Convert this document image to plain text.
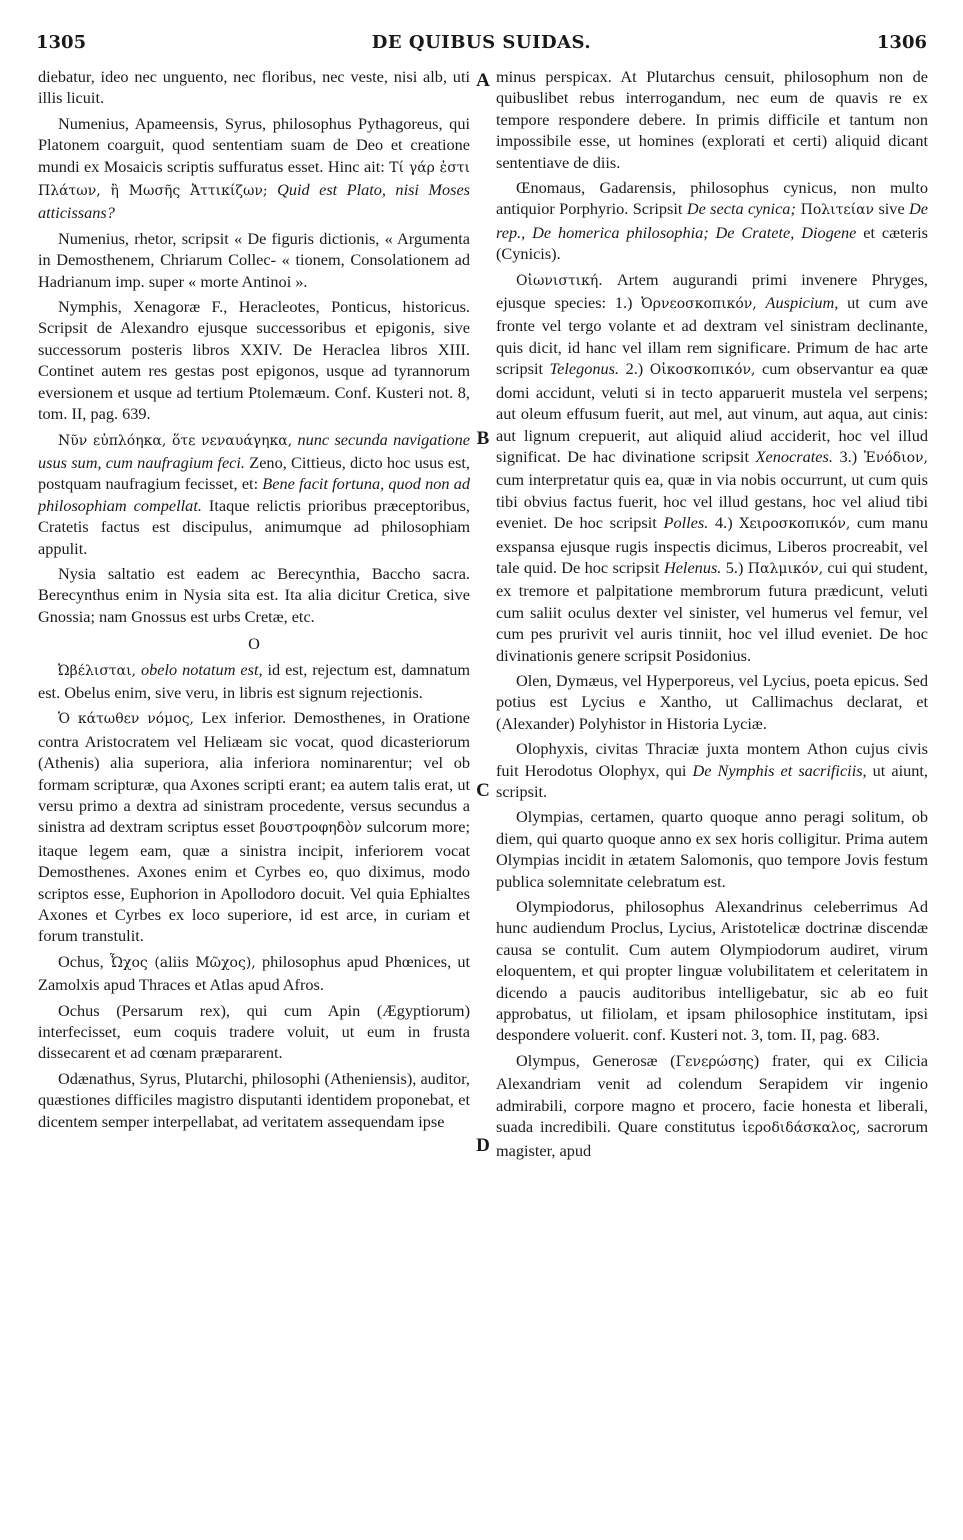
1305	DE QUIBUS SUIDAS.	1306
A
B
C
D

diebatur, ideo nec unguento, nec floribus, nec veste, nisi alb, uti illis licuit.

Numenius, Apameensis, Syrus, philosophus Pythagoreus, qui Platonem coarguit, quod sententiam suam de Deo et creatione mundi ex Mosaicis scriptis suffuratus esset. Hinc ait: Τί γάρ ἐστι Πλάτων, ἢ Μωσῆς Ἀττικίζων; Quid est Plato, nisi Moses atticissans?

Numenius, rhetor, scripsit « De figuris dictionis, « Argumenta in Demosthenem, Chriarum Collec- « tionem, Consolationem ad Hadrianum imp. super « morte Antinoi ».

Nymphis, Xenagoræ F., Heracleotes, Ponticus, historicus. Scripsit de Alexandro ejusque successoribus et epigonis, sive successorum posteris libros XXIV. De Heraclea libros XIII. Continet autem res gestas post epigonos, usque ad tyrannorum eversionem et usque ad tertium Ptolemæum. Conf. Kusteri not. 8, tom. II, pag. 639.

Νῦν εὐπλόηκα, ὅτε νεναυάγηκα, nunc secunda navigatione usus sum, cum naufragium feci. Zeno, Cittieus, dicto hoc usus est, postquam naufragium fecisset, et: Bene facit fortuna, quod non ad philosophiam compellat. Itaque relictis prioribus præceptoribus, Cratetis factus est discipulus, animumque ad philosophiam appulit.

Nysia saltatio est eadem ac Berecynthia, Baccho sacra. Berecynthus enim in Nysia sita est. Ita alia dicitur Cretica, sive Gnossia; nam Gnossus est urbs Cretæ, etc.

O

Ὠβέλισται, obelo notatum est, id est, rejectum est, damnatum est. Obelus enim, sive veru, in libris est signum rejectionis.

Ὁ κάτωθεν νόμος, Lex inferior. Demosthenes, in Oratione contra Aristocratem vel Heliæam sic vocat, quod dicasteriorum (Athenis) alia superiora, alia inferiora nominarentur; vel ob formam scripturæ, qua Axones scripti erant; ea autem talis erat, ut versu primo a dextra ad sinistram procedente, versus secundus a sinistra ad dextram scriptus esset βουστροφηδὸν sulcorum more; itaque legem eam, quæ a sinistra incipit, inferiorem vocat Demosthenes. Axones enim et Cyrbes eo, quo diximus, modo scriptos esse, Euphorion in Apollodoro docuit. Vel quia Ephialtes Axones et Cyrbes ex loco superiore, id est arce, in curiam et forum transtulit.

Ochus, Ὦχος (aliis Μῶχος), philosophus apud Phœnices, ut Zamolxis apud Thraces et Atlas apud Afros.

Ochus (Persarum rex), qui cum Apin (Ægyptiorum) interfecisset, eum coquis tradere voluit, ut eum in frusta dissecarent et ad cœnam præpararent.

Odænathus, Syrus, Plutarchi, philosophi (Atheniensis), auditor, quæstiones difficiles magistro disputanti identidem proponebat, et dicentem semper interpellabat, ad veritatem assequendam ipse

minus perspicax. At Plutarchus censuit, philosophum non de quibuslibet rebus interrogandum, nec eum de quavis re ex tempore respondere debere. In primis difficile et tantum non impossibile esse, ut homines (explorati et certi) aliquid dicant sententiave de diis.

Œnomaus, Gadarensis, philosophus cynicus, non multo antiquior Porphyrio. Scripsit De secta cynica; Πολιτείαν sive De rep., De homerica philosophia; De Cratete, Diogene et cæteris (Cynicis).

Οἰωνιστική. Artem augurandi primi invenere Phryges, ejusque species: 1.) Ὀρνεοσκοπικόν, Auspicium, ut cum ave fronte vel tergo volante et ad dextram vel sinistram declinante, quis dicit, id hanc vel illam rem significare. Primum de hac arte scripsit Telegonus. 2.) Οἰκοσκοπικόν, cum observantur ea quæ domi accidunt, veluti si in tecto apparuerit mustela vel serpens; aut oleum effusum fuerit, aut mel, aut vinum, aut aqua, aut cinis: aut lignum crepuerit, aut aliquid aliud acciderit, hoc vel illud significat. De hac divinatione scripsit Xenocrates. 3.) Ἐνόδιον, cum interpretatur quis ea, quæ in via nobis occurrunt, ut cum quis tibi obvius factus fuerit, hoc vel illud gestans, hoc vel aliud tibi eveniet. De hoc scripsit Polles. 4.) Χειροσκοπικόν, cum manu exspansa ejusque rugis inspectis dicimus, Liberos procreabit, vel tale quid. De hoc scripsit Helenus. 5.) Παλμικόν, cui qui student, ex tremore et palpitatione membrorum futura prædicunt, veluti cum saliit oculus dexter vel sinister, vel humerus vel femur, vel cum pes prurivit vel auris tinniit, hoc vel illud eveniet. De hoc divinationis genere scripsit Posidonius.

Olen, Dymæus, vel Hyperporeus, vel Lycius, poeta epicus. Sed potius est Lycius e Xantho, ut Callimachus declarat, et (Alexander) Polyhistor in Historia Lyciæ.

Olophyxis, civitas Thraciæ juxta montem Athon cujus civis fuit Herodotus Olophyx, qui De Nymphis et sacrificiis, ut aiunt, scripsit.

Olympias, certamen, quarto quoque anno peragi solitum, ob diem, qui quarto quoque anno ex sex horis colligitur. Prima autem Olympias incidit in ætatem Salomonis, quo tempore Jovis festum publica solemnitate celebratum est.

Olympiodorus, philosophus Alexandrinus celeberrimus Ad hunc audiendum Proclus, Lycius, Aristotelicæ doctrinæ discendæ causa se contulit. Cum autem Olympiodorum audiret, virum eloquentem, et qui propter linguæ volubilitatem et celeritatem in dicendo a paucis auditoribus intelligebatur, sic ab eo fuit approbatus, ut filiolam, et ipsam philosophice institutam, ipsi despondere voluerit. conf. Kusteri not. 3, tom. II, pag. 683.

Olympus, Generosæ (Γενερώσης) frater, qui ex Cilicia Alexandriam venit ad colendum Serapidem vir ingenio admirabili, corpore magno et procero, facie honesta et liberali, suada incredibili. Quare constitutus ἱεροδιδάσκαλος, sacrorum magister, apud
